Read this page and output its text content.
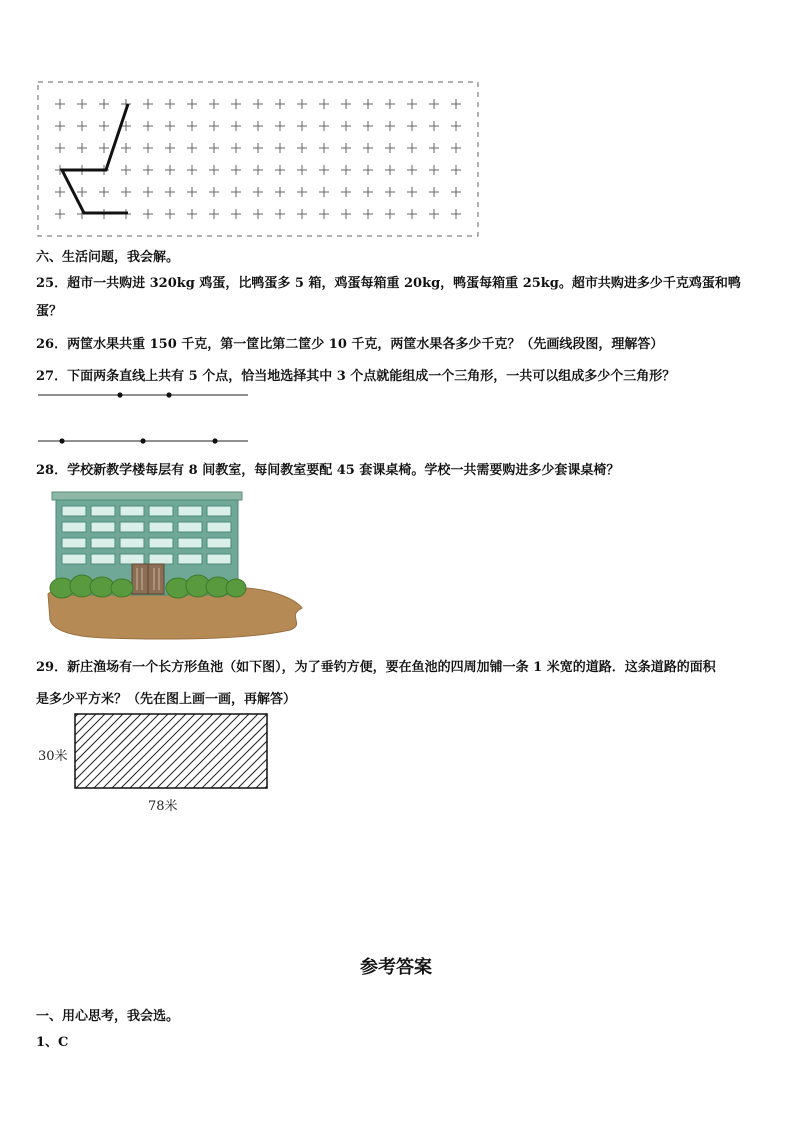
六、生活问题，我会解。
25．超市一共购进 320kg 鸡蛋，比鸭蛋多 5 箱，鸡蛋每箱重 20kg，鸭蛋每箱重 25kg。超市共购进多少千克鸡蛋和鸭
蛋？
26．两筐水果共重 150 千克，第一筐比第二筐少 10 千克，两筐水果各多少千克？（先画线段图，理解答）
27．下面两条直线上共有 5 个点，恰当地选择其中 3 个点就能组成一个三角形，一共可以组成多少个三角形？
28．学校新教学楼每层有 8 间教室，每间教室要配 45 套课桌椅。学校一共需要购进多少套课桌椅？
29．新庄渔场有一个长方形鱼池（如下图），为了垂钓方便，要在鱼池的四周加铺一条 1 米宽的道路．这条道路的面积
是多少平方米？（先在图上画一画，再解答）
30米
78米
参考答案
一、用心思考，我会选。
1、C
